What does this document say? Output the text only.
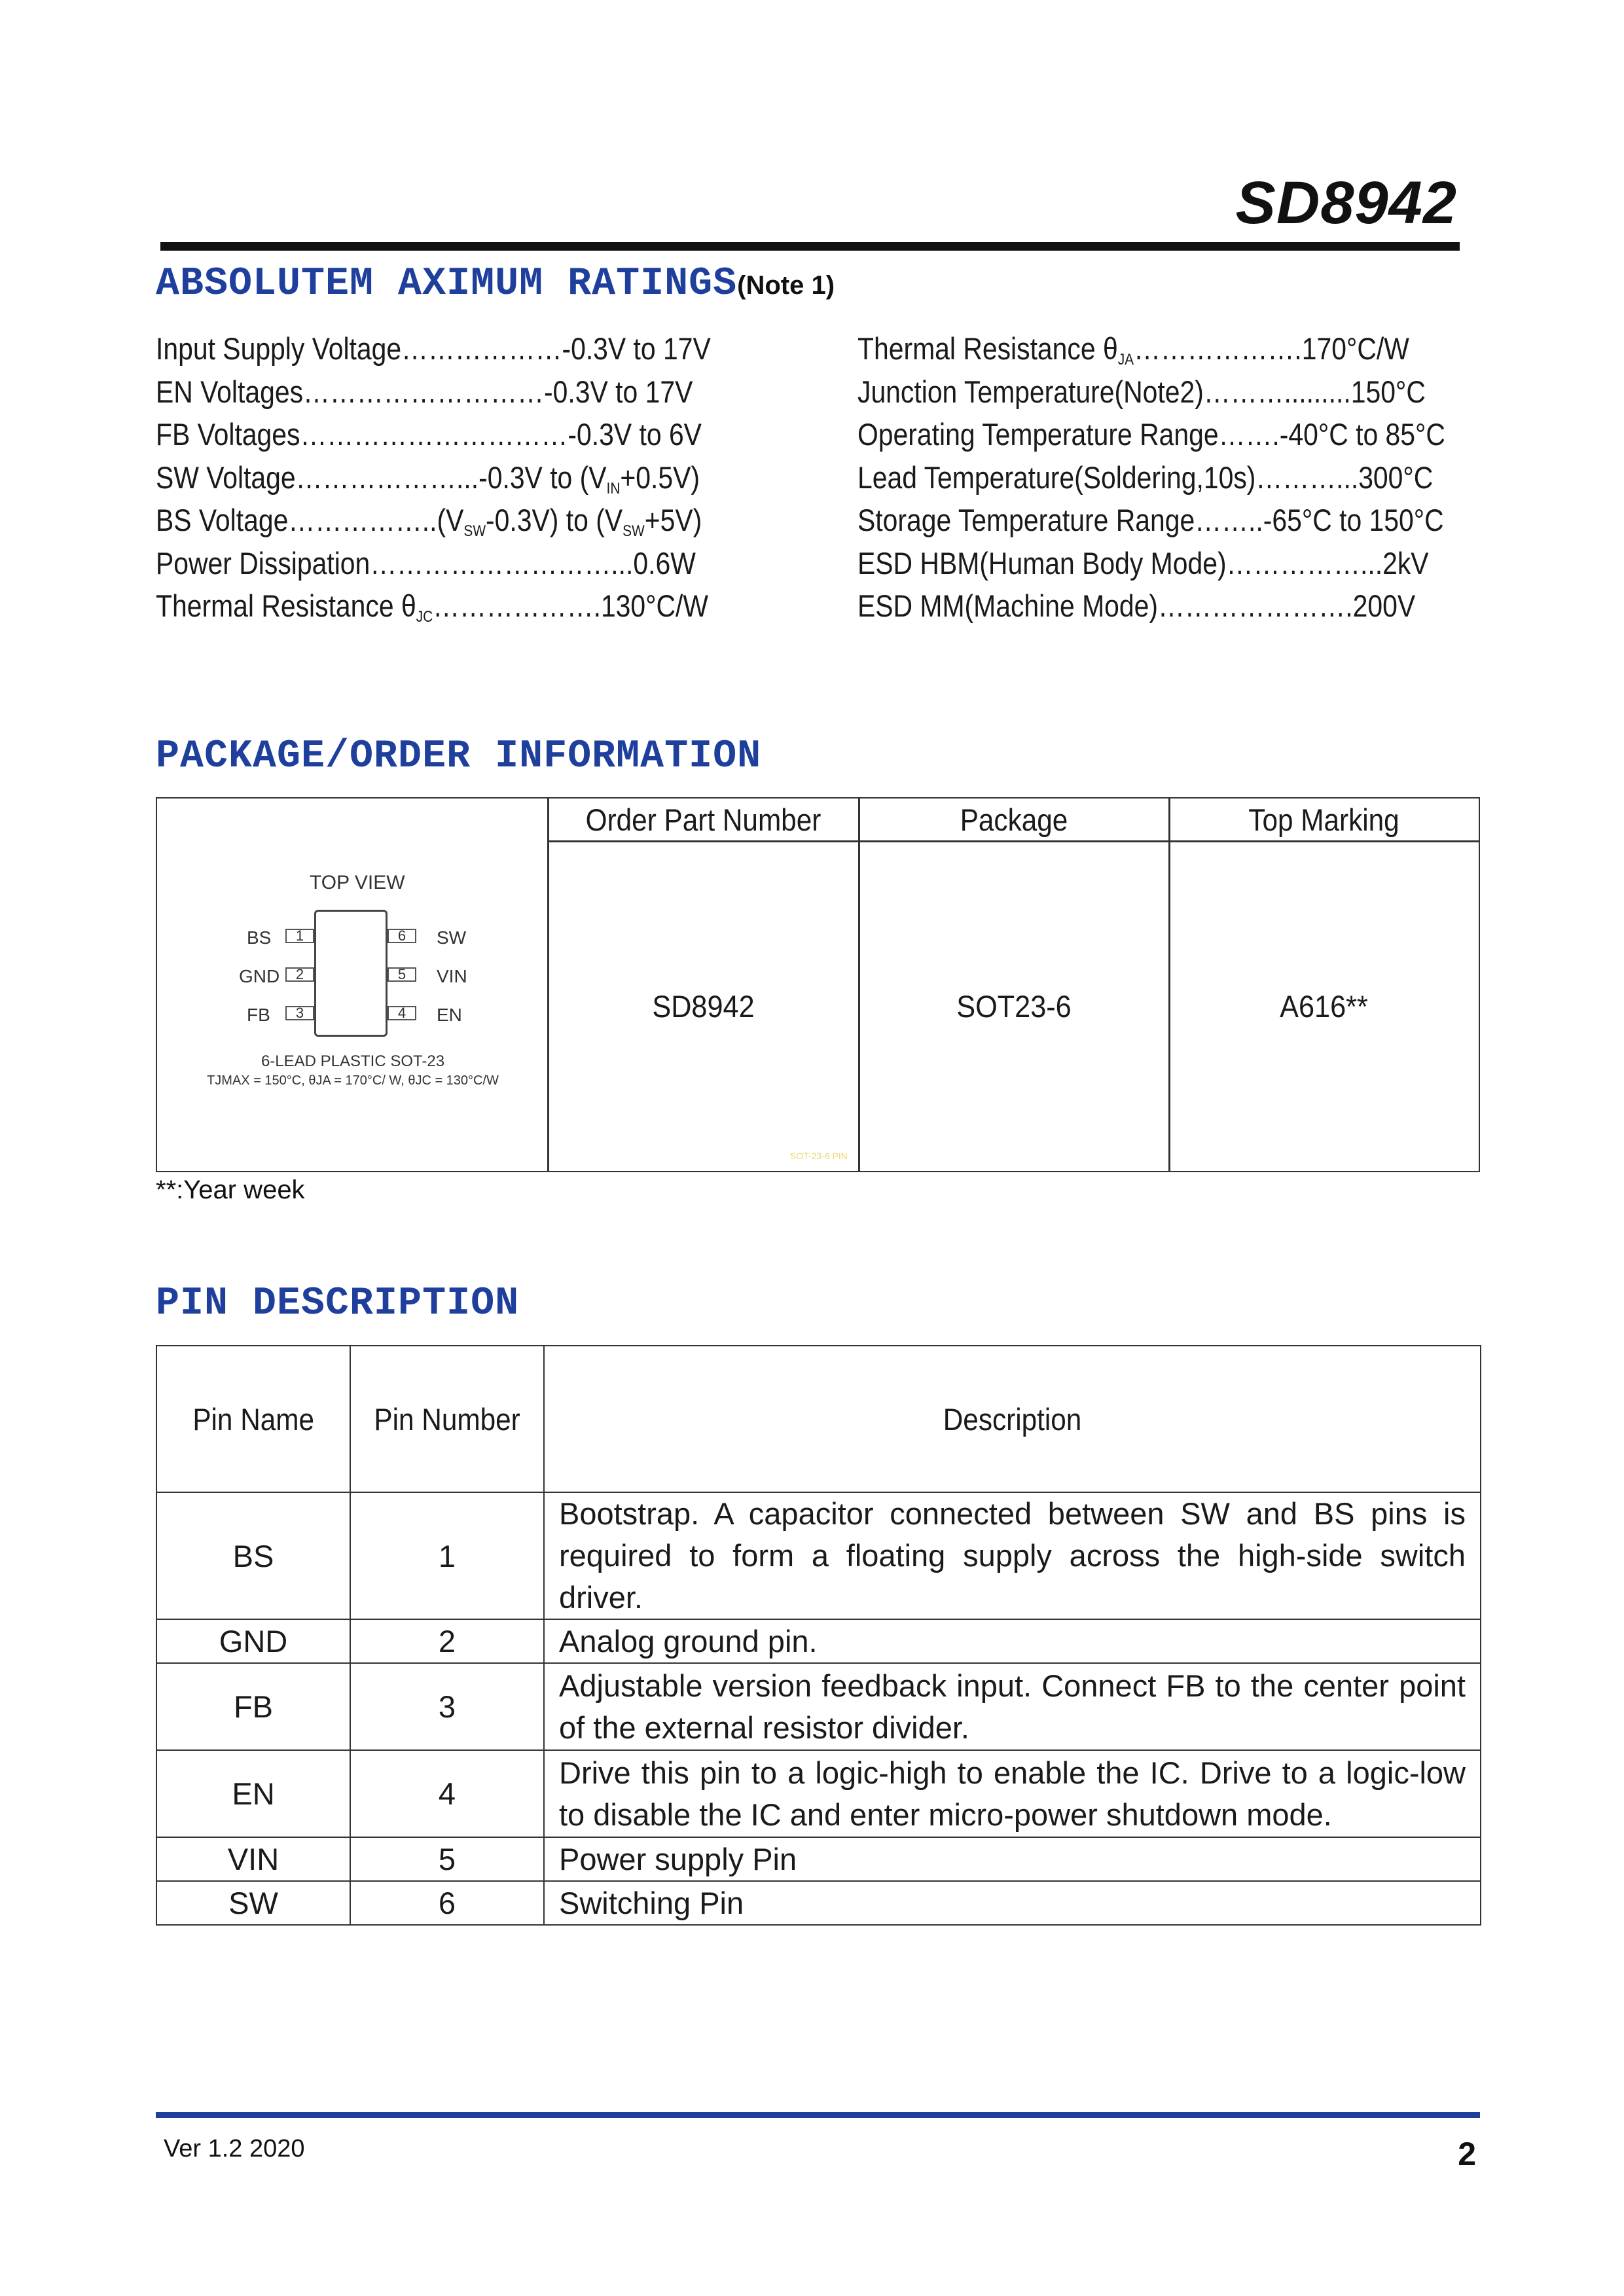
SD8942
ABSOLUTEM AXIMUM RATINGS(Note 1)
Input Supply Voltage………………-0.3V to 17V
EN Voltages………………………-0.3V to 17V
FB Voltages…………………………-0.3V to 6V
SW Voltage………………...-0.3V to $(V_{IN}+0.5V)$
BS $Voltage\dots\dots\dots\dots\dots..(V_{SW}-0.3V)$ to $(V_{SW}+5V)$
Power Dissipation………………………...0.6W
Thermal Resistance $\theta_{JC}\dots\dots\dots\dots\dots\dots.130^\circ C/W$
Thermal Resistance $\theta_{JA}\dots\dots\dots\dots\dots\dots.170^\circ C/W$
Junction Temperature(Note2)……….........150°C
Operating Temperature Range…….-40°C to 85°C
Lead Temperature(Soldering,10s)………...300°C
Storage Temperature Range……..-65°C to 150°C
ESD HBM(Human Body Mode)……………...2kV
ESD MM(Machine Mode)………………….200V
PACKAGE/ORDER INFORMATION
Order Part Number	Package	Top Marking
SD8942	SOT23-6	A616**
TOP VIEW
BS	1
GND	2
FB	3
6	SW
5	VIN
4	EN
6-LEAD PLASTIC SOT-23
TJMAX = 150°C, θJA = 170°C/ W, θJC = 130°C/W
SOT-23-6 PIN
**:Year week
PIN DESCRIPTION
Pin Name	Pin Number	Description
BS	1	Bootstrap. A capacitor connected between SW and BS pins is required to form a floating supply across the high-side switch driver.
GND	2	Analog ground pin.
FB	3	Adjustable version feedback input. Connect FB to the center point of the external resistor divider.
EN	4	Drive this pin to a logic-high to enable the IC. Drive to a logic-low to disable the IC and enter micro-power shutdown mode.
VIN	5	Power supply Pin
SW	6	Switching Pin
Ver 1.2 2020	2
